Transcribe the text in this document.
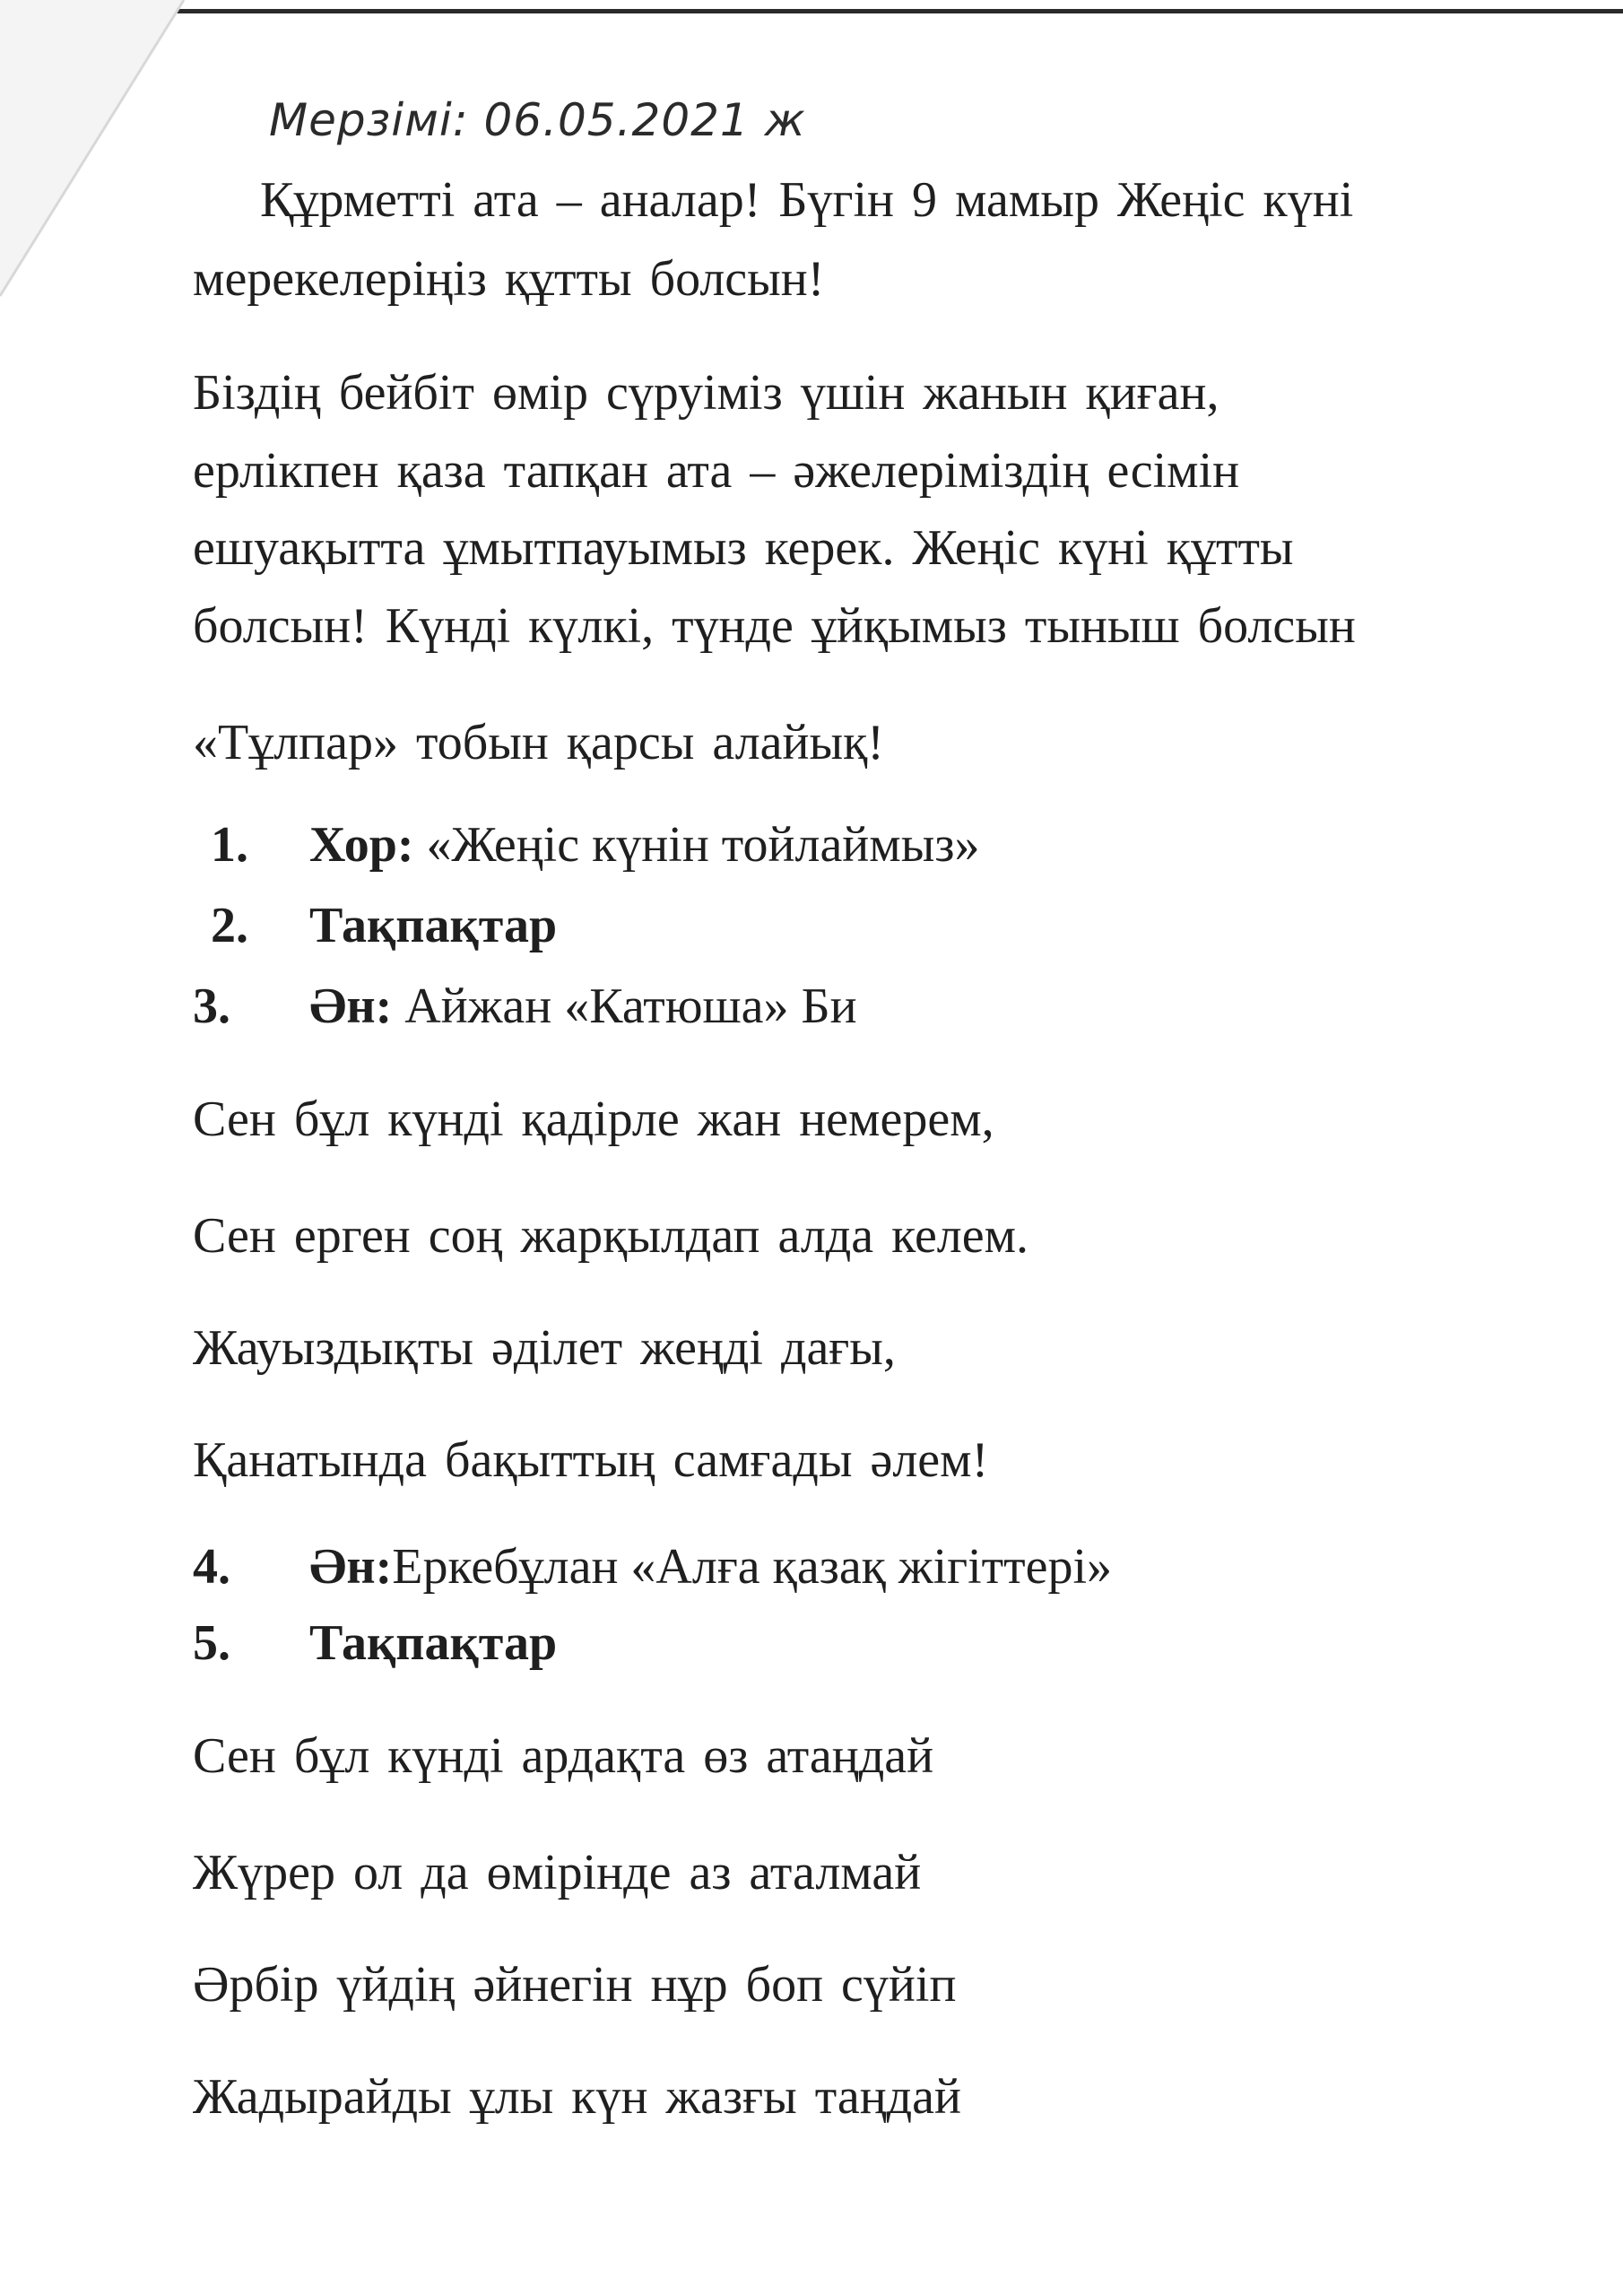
Мерзімі: 06.05.2021 ж
Құрметті ата – аналар! Бүгін 9 мамыр Жеңіс күні
мерекелеріңіз құтты болсын!
Біздің бейбіт өмір сүруіміз үшін жанын қиған,
ерлікпен қаза тапқан ата – әжелеріміздің есімін
ешуақытта ұмытпауымыз керек. Жеңіс күні құтты
болсын! Күнді күлкі, түнде ұйқымыз тыныш болсын
«Тұлпар» тобын қарсы алайық!
1. Хор: «Жеңіс күнін тойлаймыз»
2. Тақпақтар
3. Ән: Айжан «Катюша» Би
Сен бұл күнді қадірле жан немерем,
Сен ерген соң жарқылдап алда келем.
Жауыздықты әділет жеңді дағы,
Қанатында бақыттың самғады әлем!
4. Ән:Еркебұлан «Алға қазақ жігіттері»
5. Тақпақтар
Сен бұл күнді ардақта өз атаңдай
Жүрер ол да өмірінде аз аталмай
Әрбір үйдің әйнегін нұр боп сүйіп
Жадырайды ұлы күн жазғы таңдай
